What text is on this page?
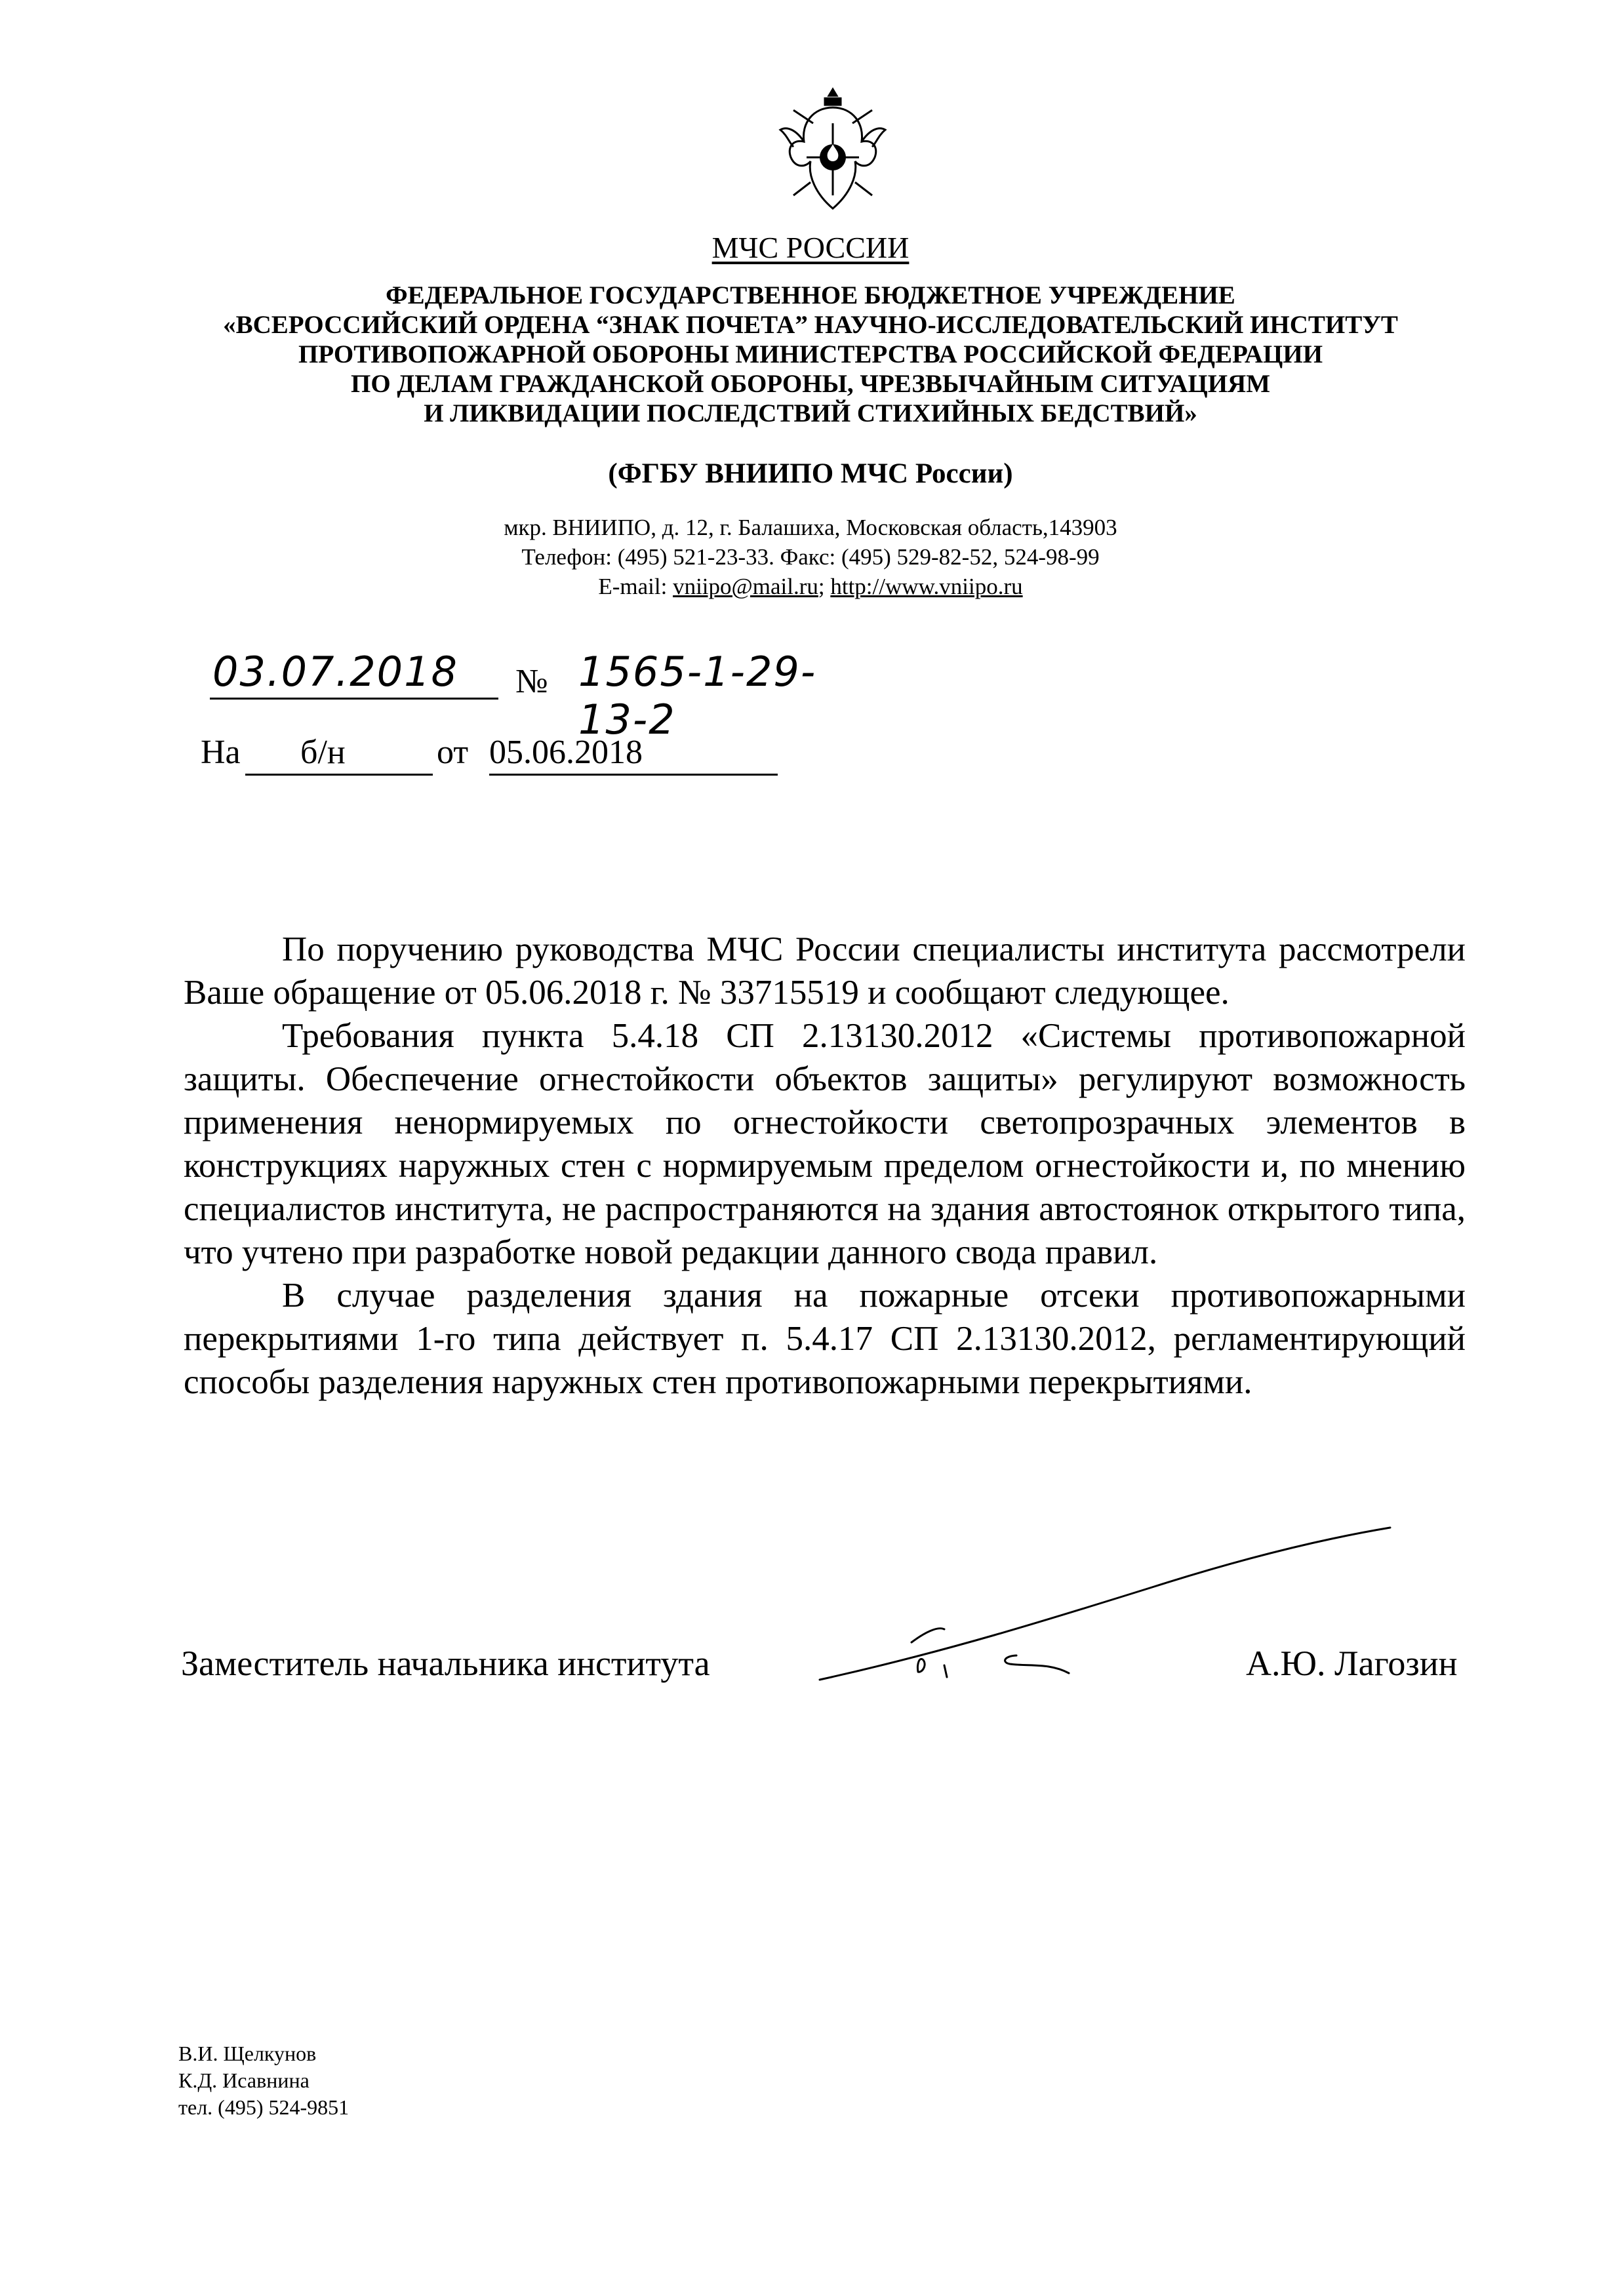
МЧС РОССИИ
ФЕДЕРАЛЬНОЕ ГОСУДАРСТВЕННОЕ БЮДЖЕТНОЕ УЧРЕЖДЕНИЕ
«ВСЕРОССИЙСКИЙ ОРДЕНА “ЗНАК ПОЧЕТА” НАУЧНО-ИССЛЕДОВАТЕЛЬСКИЙ ИНСТИТУТ
ПРОТИВОПОЖАРНОЙ ОБОРОНЫ МИНИСТЕРСТВА РОССИЙСКОЙ ФЕДЕРАЦИИ
ПО ДЕЛАМ ГРАЖДАНСКОЙ ОБОРОНЫ, ЧРЕЗВЫЧАЙНЫМ СИТУАЦИЯМ
И ЛИКВИДАЦИИ ПОСЛЕДСТВИЙ СТИХИЙНЫХ БЕДСТВИЙ»
(ФГБУ ВНИИПО МЧС России)
мкр. ВНИИПО, д. 12, г. Балашиха, Московская область,143903
Телефон: (495) 521-23-33. Факс: (495) 529-82-52, 524-98-99
E-mail: vniipo@mail.ru; http://www.vniipo.ru
03.07.2018 № 1565-1-29-13-2
На б/н	от 05.06.2018

По поручению руководства МЧС России специалисты института рассмотрели Ваше обращение от 05.06.2018 г. № 33715519 и сообщают следующее.

Требования пункта 5.4.18 СП 2.13130.2012 «Системы противопожарной защиты. Обеспечение огнестойкости объектов защиты» регулируют возможность применения ненормируемых по огнестойкости светопрозрачных элементов в конструкциях наружных стен с нормируемым пределом огнестойкости и, по мнению специалистов института, не распространяются на здания автостоянок открытого типа, что учтено при разработке новой редакции данного свода правил.

В случае разделения здания на пожарные отсеки противопожарными перекрытиями 1-го типа действует п. 5.4.17 СП 2.13130.2012, регламентирующий способы разделения наружных стен противопожарными перекрытиями.

Заместитель начальника института	А.Ю. Лагозин
В.И. Щелкунов
К.Д. Исавнина
тел. (495) 524-9851
